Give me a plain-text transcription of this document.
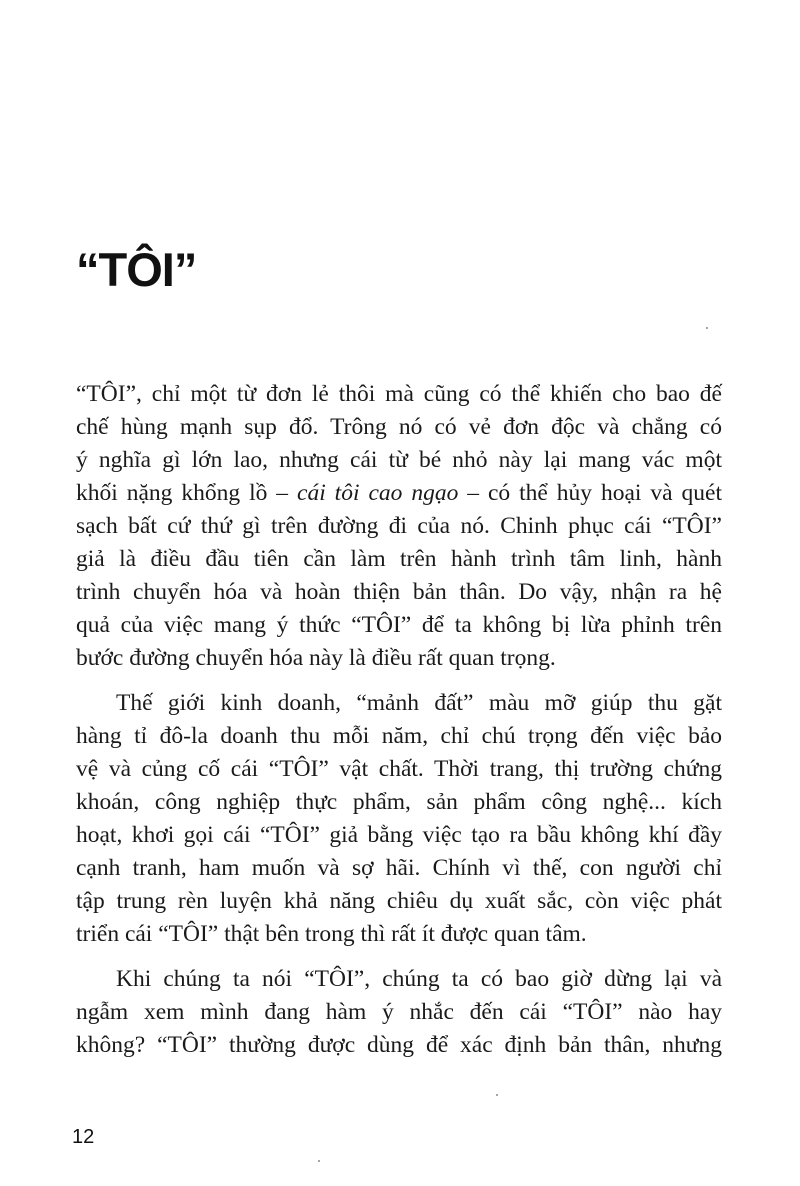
“TÔI”

“TÔI”, chỉ một từ đơn lẻ thôi mà cũng có thể khiến cho bao đế
chế hùng mạnh sụp đổ. Trông nó có vẻ đơn độc và chẳng có
ý nghĩa gì lớn lao, nhưng cái từ bé nhỏ này lại mang vác một
khối nặng khổng lồ – cái tôi cao ngạo – có thể hủy hoại và quét
sạch bất cứ thứ gì trên đường đi của nó. Chinh phục cái “TÔI”
giả là điều đầu tiên cần làm trên hành trình tâm linh, hành
trình chuyển hóa và hoàn thiện bản thân. Do vậy, nhận ra hệ
quả của việc mang ý thức “TÔI” để ta không bị lừa phỉnh trên
bước đường chuyển hóa này là điều rất quan trọng.

Thế giới kinh doanh, “mảnh đất” màu mỡ giúp thu gặt
hàng tỉ đô-la doanh thu mỗi năm, chỉ chú trọng đến việc bảo
vệ và củng cố cái “TÔI” vật chất. Thời trang, thị trường chứng
khoán, công nghiệp thực phẩm, sản phẩm công nghệ... kích
hoạt, khơi gọi cái “TÔI” giả bằng việc tạo ra bầu không khí đầy
cạnh tranh, ham muốn và sợ hãi. Chính vì thế, con người chỉ
tập trung rèn luyện khả năng chiêu dụ xuất sắc, còn việc phát
triển cái “TÔI” thật bên trong thì rất ít được quan tâm.

Khi chúng ta nói “TÔI”, chúng ta có bao giờ dừng lại và
ngẫm xem mình đang hàm ý nhắc đến cái “TÔI” nào hay
không? “TÔI” thường được dùng để xác định bản thân, nhưng

12
